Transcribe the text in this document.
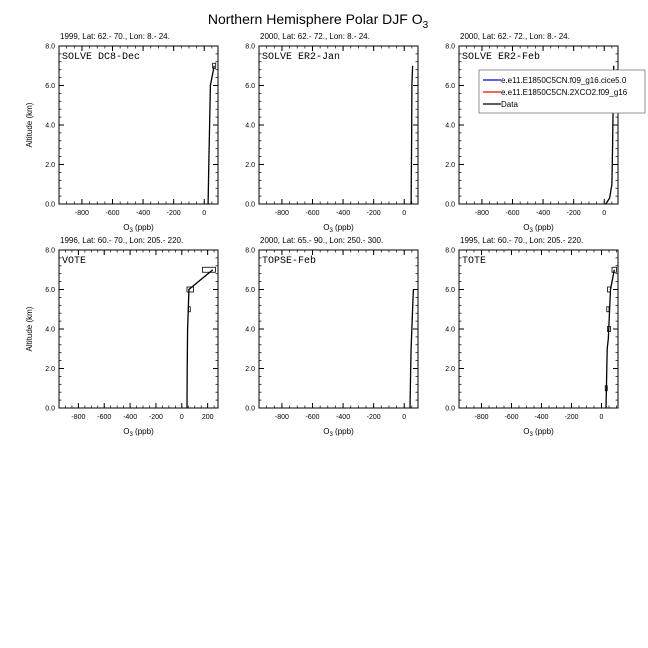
Northern Hemisphere Polar DJF $O_3$
1999, Lat: 62.- 70., Lon: 8.- 24.
SOLVE DC8-Dec
0.0
2.0
4.0
6.0
8.0
-800 -600 -400 -200	0
$O_3$ (ppb)
Altitude (km)
2000, Lat: 62.- 72., Lon: 8.- 24.
SOLVE ER2-Jan
0.0
2.0
4.0
6.0
8.0
-800 -600 -400 -200	0
$O_3$ (ppb)
2000, Lat: 62.- 72., Lon: 8.- 24.
SOLVE ER2-Feb
0.0
2.0
4.0
6.0
8.0
-800 -600 -400 -200	0
$O_3$ (ppb)
1996, Lat: 60.- 70., Lon: 205.- 220.
VOTE
0.0
2.0
4.0
6.0
8.0
-800 -600 -400 -200 0	200
$O_3$ (ppb)
Altitude (km)
2000, Lat: 65.- 90., Lon: 250.- 300.
TOPSE-Feb
0.0
2.0
4.0
6.0
8.0
-800 -600 -400 -200	0
$O_3$ (ppb)
1995, Lat: 60.- 70., Lon: 205.- 220.
TOTE
0.0
2.0
4.0
6.0
8.0
-800 -600 -400 -200	0
$O_3$ (ppb)
e.e11.E1850C5CN.f09_g16.cice5.0
e.e11.E1850C5CN.2XCO2.f09_g16
Data
